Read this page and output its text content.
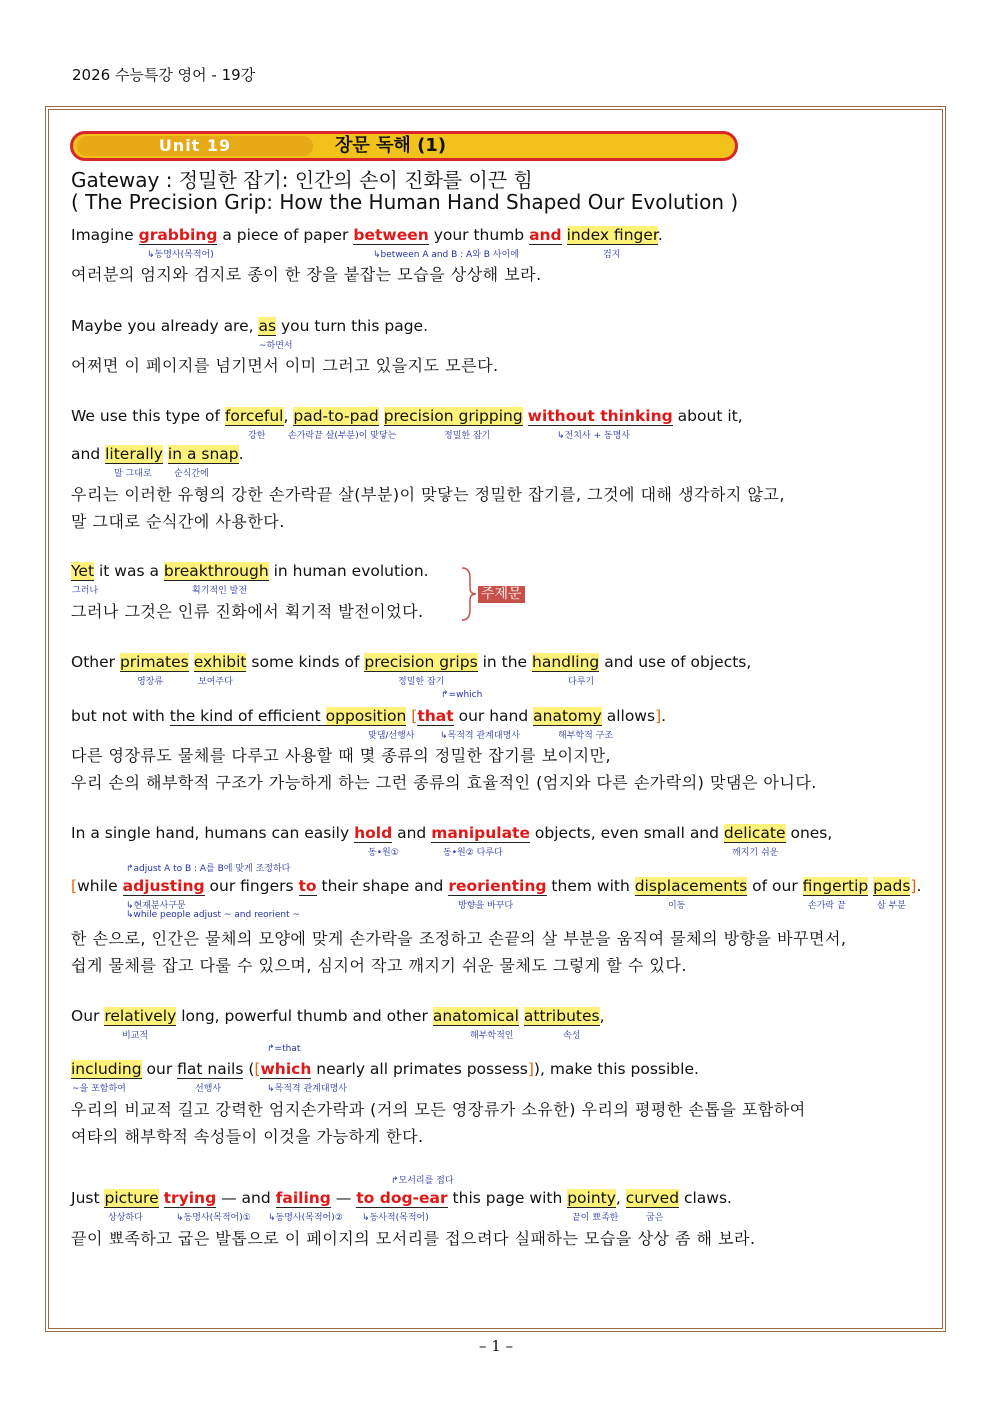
2026 수능특강 영어 - 19강
Unit 19	장문 독해 (1)
Gateway : 정밀한 잡기: 인간의 손이 진화를 이끈 힘
( The Precision Grip: How the Human Hand Shaped Our Evolution )
Imagine grabbing a piece of paper between your thumb and index finger.
↳동명사(목적어)	↳between A and B : A와 B 사이에	검지
여러분의 엄지와 검지로 종이 한 장을 붙잡는 모습을 상상해 보라.
Maybe you already are, as you turn this page.
~하면서
어쩌면 이 페이지를 넘기면서 이미 그러고 있을지도 모른다.
We use this type of forceful, pad-to-pad precision gripping without thinking about it,
강한	손가락끝 살(부분)이 맞닿는	정밀한 잡기	↳전치사 + 동명사
and literally in a snap.
말 그대로 순식간에
우리는 이러한 유형의 강한 손가락끝 살(부분)이 맞닿는 정밀한 잡기를, 그것에 대해 생각하지 않고,
말 그대로 순식간에 사용한다.
Yet it was a breakthrough in human evolution.
그러나	획기적인 발전
그러나 그것은 인류 진화에서 획기적 발전이었다.
주제문
Other primates exhibit some kinds of precision grips in the handling and use of objects,
영장류	보여주다	정밀한 잡기	다루기
↱=which
but not with the kind of efficient opposition [that our hand anatomy allows].
맞댐/선행사	↳목적격 관계대명사	해부학적 구조
다른 영장류도 물체를 다루고 사용할 때 몇 종류의 정밀한 잡기를 보이지만,
우리 손의 해부학적 구조가 가능하게 하는 그런 종류의 효율적인 (엄지와 다른 손가락의) 맞댐은 아니다.
In a single hand, humans can easily hold and manipulate objects, even small and delicate ones,
동•원①	동•원② 다루다	깨지기 쉬운
↱adjust A to B : A를 B에 맞게 조정하다
[while adjusting our fingers to their shape and reorienting them with displacements of our fingertip pads].
↳현재분사구문
↳while people adjust ~ and reorient ~
방향을 바꾸다	이동	손가락 끝	살 부분
한 손으로, 인간은 물체의 모양에 맞게 손가락을 조정하고 손끝의 살 부분을 움직여 물체의 방향을 바꾸면서,
쉽게 물체를 잡고 다룰 수 있으며, 심지어 작고 깨지기 쉬운 물체도 그렇게 할 수 있다.
Our relatively long, powerful thumb and other anatomical attributes,
비교적	해부학적인	속성
↱=that
including our flat nails ([which nearly all primates possess]), make this possible.
~을 포함하여	선행사	↳목적격 관계대명사
우리의 비교적 길고 강력한 엄지손가락과 (거의 모든 영장류가 소유한) 우리의 평평한 손톱을 포함하여
여타의 해부학적 속성들이 이것을 가능하게 한다.
↱모서리를 접다
Just picture trying — and failing — to dog-ear this page with pointy, curved claws.
상상하다	↳동명사(목적어)① ↳동명사(목적어)② ↳동사적(목적어)	끝이 뾰족한	굽은
끝이 뾰족하고 굽은 발톱으로 이 페이지의 모서리를 접으려다 실패하는 모습을 상상 좀 해 보라.
– 1 –
